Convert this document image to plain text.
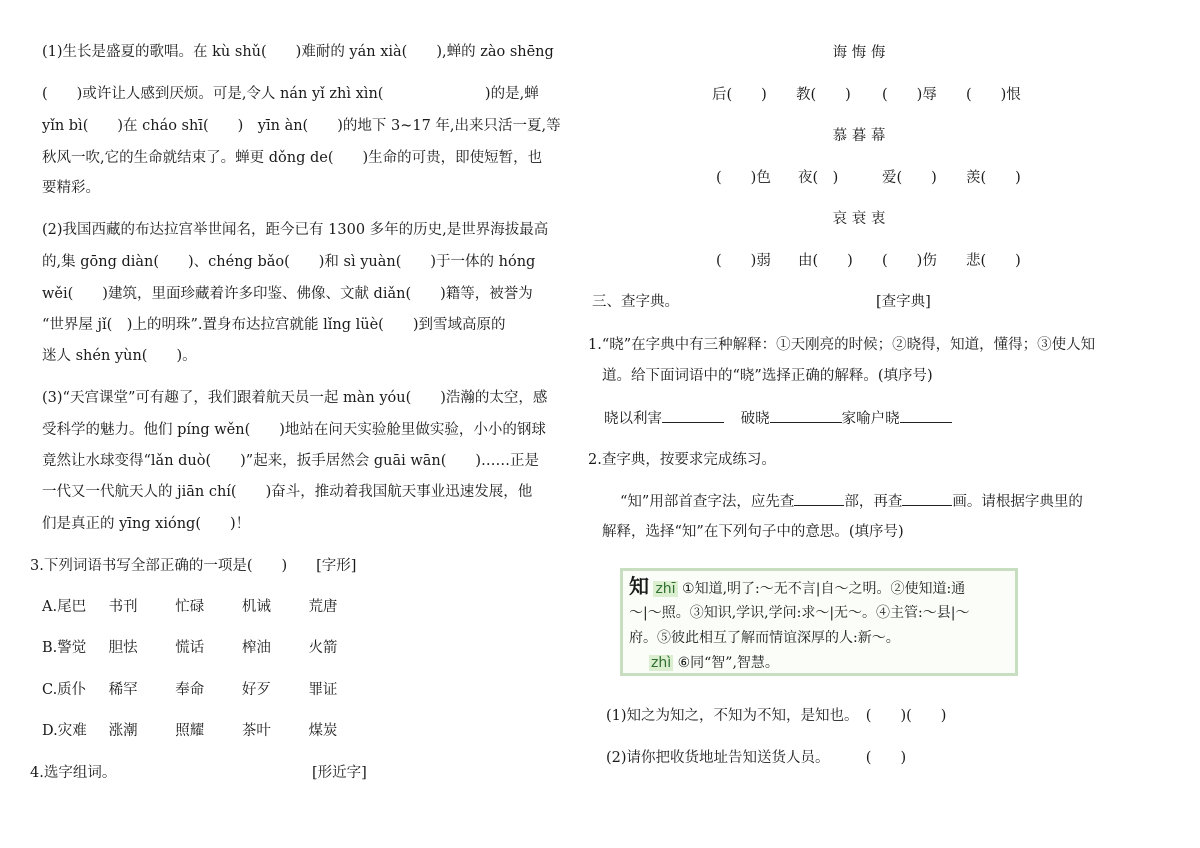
(1)生长是盛夏的歌唱。在 kù shǔ(　　)难耐的 yán xià(　　),蝉的 zào shēng
(　　)或许让人感到厌烦。可是,令人 nán yǐ zhì xìn(　　　　　　　)的是,蝉
yǐn bì(　　)在 cháo shī(　　)　yīn àn(　　)的地下 3~17 年,出来只活一夏,等
秋风一吹,它的生命就结束了。蝉更 dǒng de(　　)生命的可贵，即使短暂，也
要精彩。
(2)我国西藏的布达拉宫举世闻名，距今已有 1300 多年的历史,是世界海拔最高
的,集 gōng diàn(　　)、chéng bǎo(　　)和 sì yuàn(　　)于一体的 hóng
wěi(　　)建筑，里面珍藏着许多印鉴、佛像、文献 diǎn(　　)籍等，被誉为
“世界屋 jǐ(　)上的明珠”.置身布达拉宫就能 lǐng lüè(　　)到雪域高原的
迷人 shén yùn(　　)。
(3)“天宫课堂”可有趣了，我们跟着航天员一起 màn yóu(　　)浩瀚的太空，感
受科学的魅力。他们 píng wěn(　　)地站在问天实验舱里做实验，小小的钢球
竟然让水球变得“lǎn duò(　　)”起来，扳手居然会 guāi wān(　　)……正是
一代又一代航天人的 jiān chí(　　)奋斗，推动着我国航天事业迅速发展，他
们是真正的 yīng xióng(　　)！
3.下列词语书写全部正确的一项是(　　)　　[字形]
A.尾巴 书刊	忙碌	机诫	荒唐
B.警觉 胆怯	慌话	榨油	火箭
C.质仆 稀罕	奉命	好歹	罪证
D.灾难 涨潮	照耀	茶叶	煤炭
4.选字组词。	[形近字]
诲 悔 侮
后(　　) 教(　　) (　　)辱 (　　)恨
慕 暮 幕
(　　)色 夜(　)	爱(　　) 羡(　　)
哀 衰 衷
(　　)弱 由(　　) (　　)伤 悲(　　)
三、查字典。	[查字典]
1.“晓”在字典中有三种解释：①天刚亮的时候；②晓得，知道，懂得；③使人知
道。给下面词语中的“晓”选择正确的解释。(填序号)
晓以利害	破晓	家喻户晓
2.查字典，按要求完成练习。
“知”用部首查字法，应先查	部，再查	画。请根据字典里的
解释，选择“知”在下列句子中的意思。(填序号)
知 zhī ①知道,明了:～无不言|自～之明。②使知道:通
～|～照。③知识,学识,学问:求～|无～。④主管:～县|～
府。⑤彼此相互了解而情谊深厚的人:新～。
zhì ⑥同“智”,智慧。
(1)知之为知之，不知为不知，是知也。　(　　)(　　)
(2)请你把收货地址告知送货人员。　　　(　　)
